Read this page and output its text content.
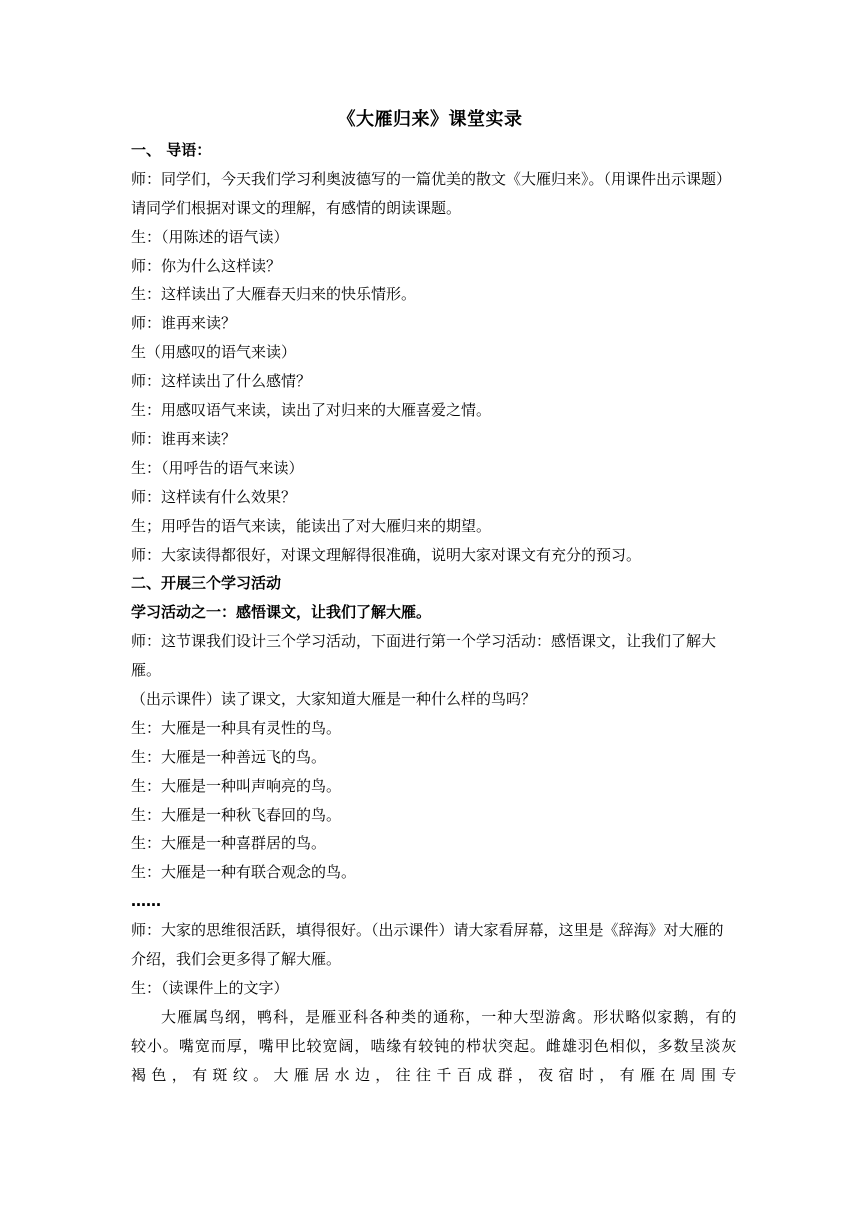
《大雁归来》课堂实录
一、 导语：
师：同学们，今天我们学习利奥波德写的一篇优美的散文《大雁归来》。（用课件出示课题）请同学们根据对课文的理解，有感情的朗读课题。
生：（用陈述的语气读）
师：你为什么这样读？
生：这样读出了大雁春天归来的快乐情形。
师：谁再来读？
生（用感叹的语气来读）
师：这样读出了什么感情？
生：用感叹语气来读，读出了对归来的大雁喜爱之情。
师：谁再来读？
生：（用呼告的语气来读）
师：这样读有什么效果？
生；用呼告的语气来读，能读出了对大雁归来的期望。
师：大家读得都很好，对课文理解得很准确，说明大家对课文有充分的预习。
二、开展三个学习活动
学习活动之一：感悟课文，让我们了解大雁。
师：这节课我们设计三个学习活动，下面进行第一个学习活动：感悟课文，让我们了解大雁。
（出示课件）读了课文，大家知道大雁是一种什么样的鸟吗？
生：大雁是一种具有灵性的鸟。
生：大雁是一种善远飞的鸟。
生：大雁是一种叫声响亮的鸟。
生：大雁是一种秋飞春回的鸟。
生：大雁是一种喜群居的鸟。
生：大雁是一种有联合观念的鸟。
……
师：大家的思维很活跃，填得很好。（出示课件）请大家看屏幕，这里是《辞海》对大雁的介绍，我们会更多得了解大雁。
生：（读课件上的文字）
大雁属鸟纲，鸭科，是雁亚科各种类的通称，一种大型游禽。形状略似家鹅，有的较小。嘴宽而厚，嘴甲比较宽阔，啮缘有较钝的栉状突起。雌雄羽色相似，多数呈淡灰褐色，有斑纹。大雁居水边，往往千百成群，夜宿时，有雁在周围专
